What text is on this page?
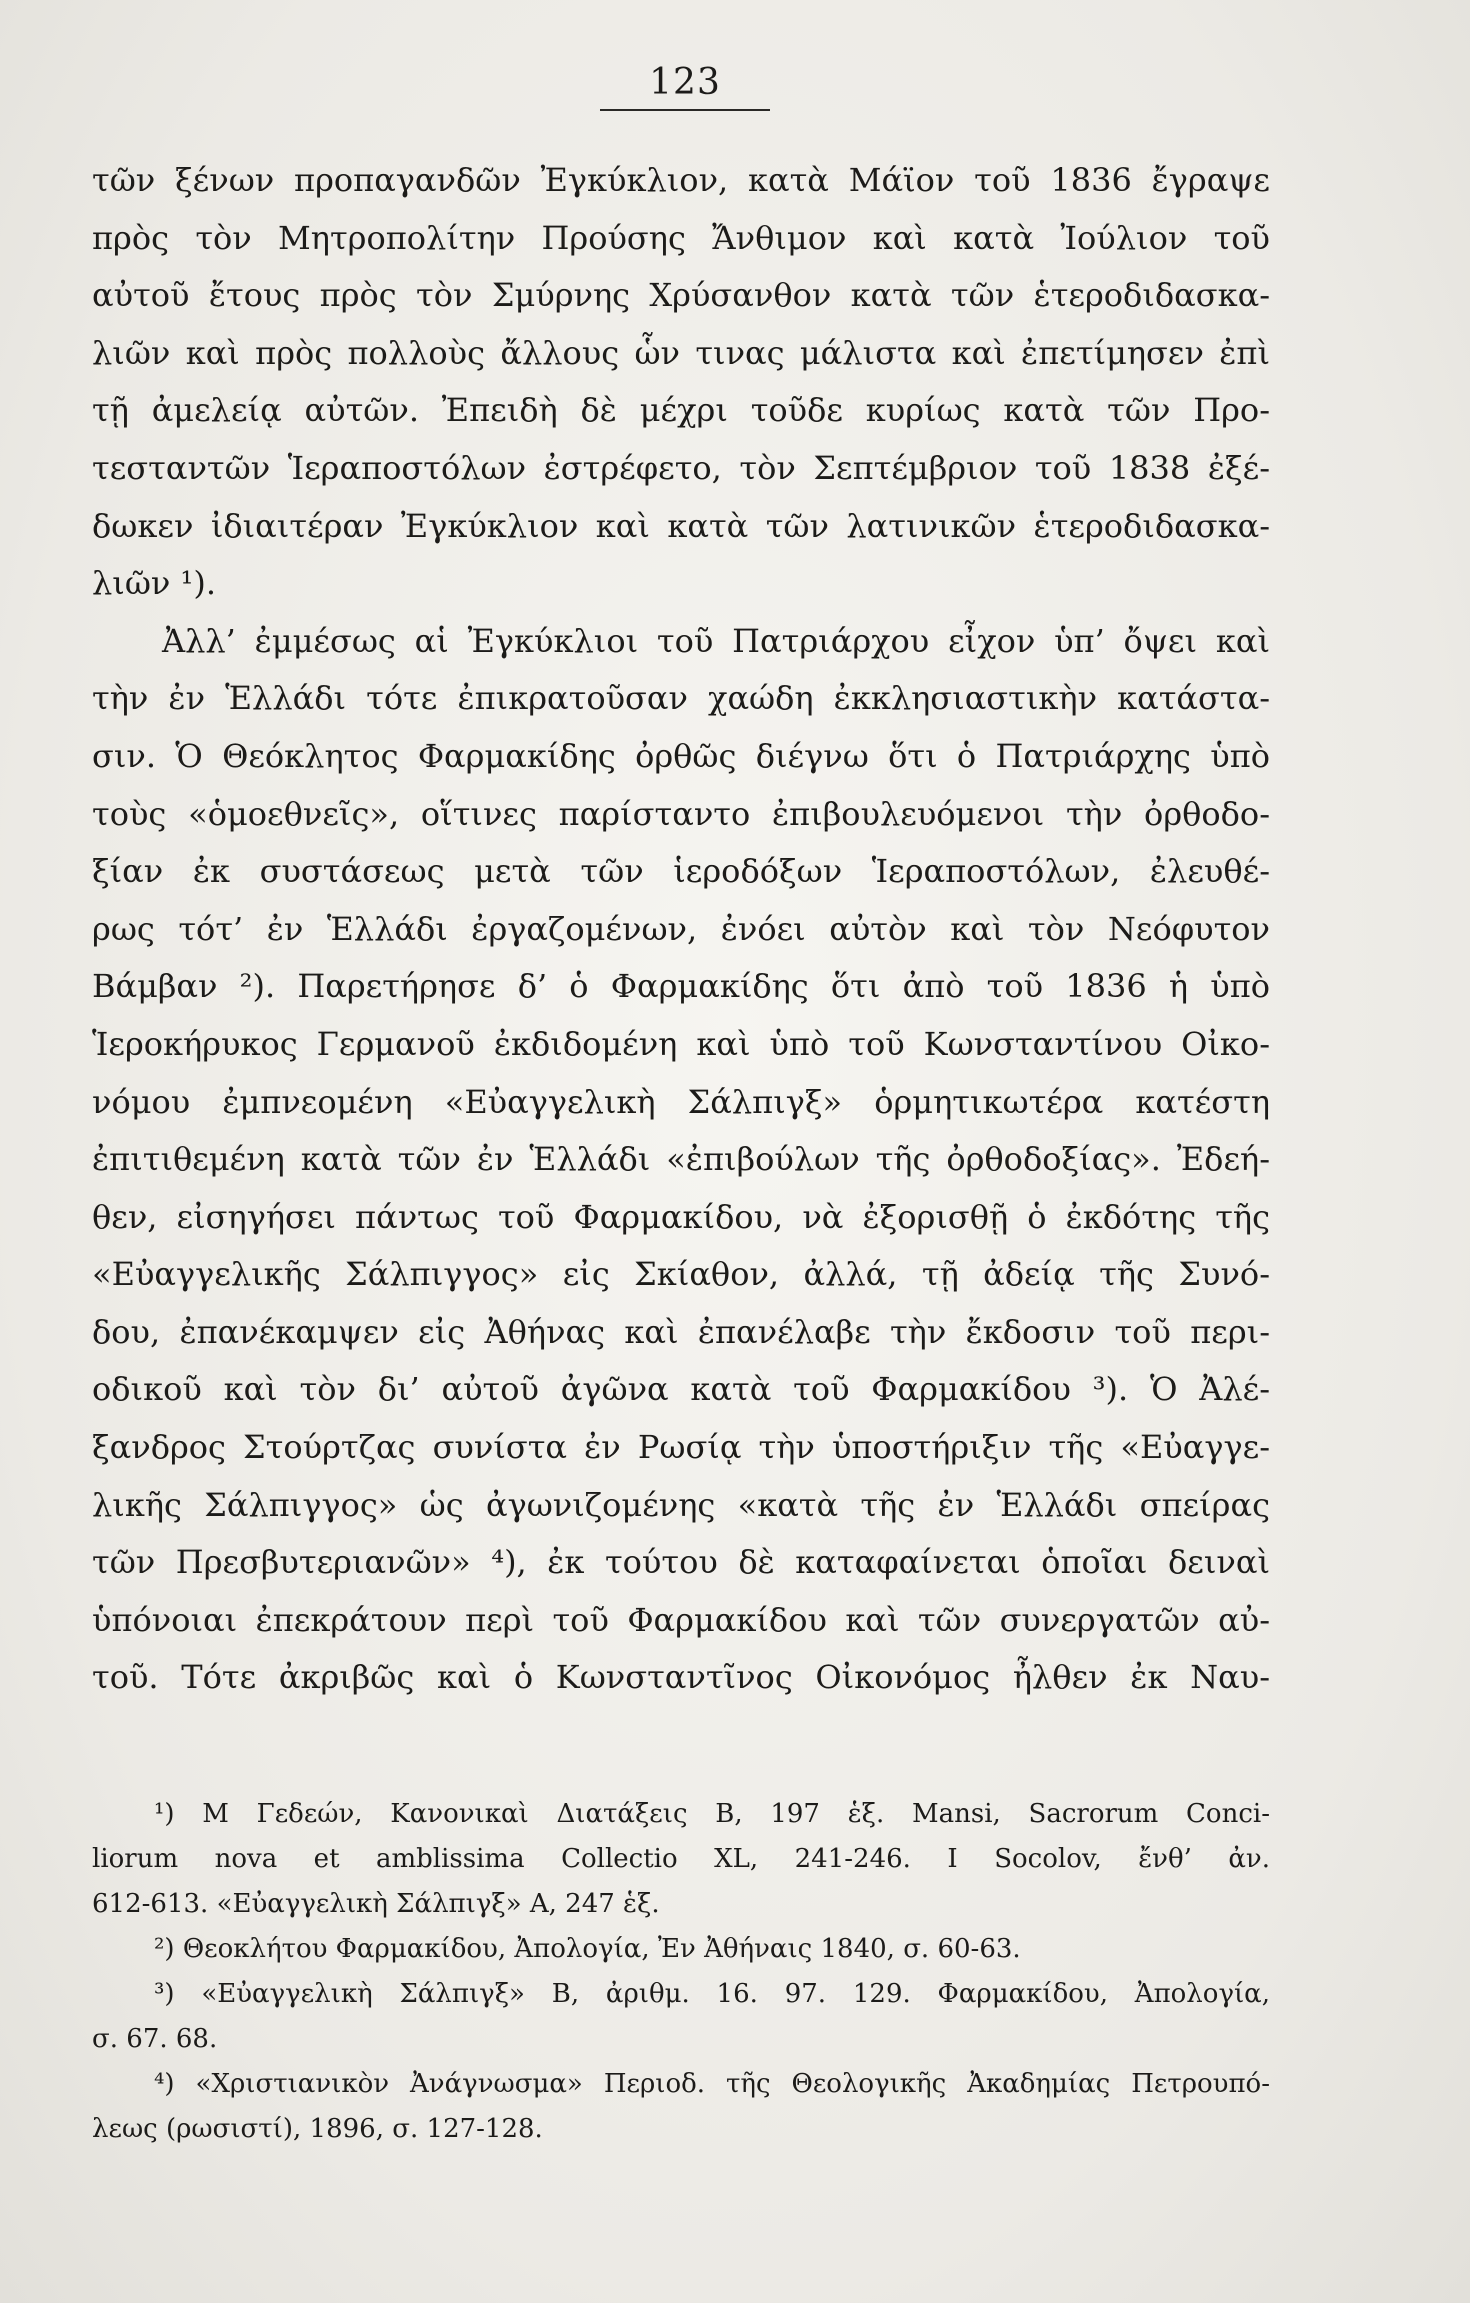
123
τῶν ξένων προπαγανδῶν Ἐγκύκλιον, κατὰ Μάϊον τοῦ 1836 ἔγραψε
πρὸς τὸν Μητροπολίτην Προύσης Ἄνθιμον καὶ κατὰ Ἰούλιον τοῦ
αὐτοῦ ἔτους πρὸς τὸν Σμύρνης Χρύσανθον κατὰ τῶν ἑτεροδιδασκα-
λιῶν καὶ πρὸς πολλοὺς ἄλλους ὧν τινας μάλιστα καὶ ἐπετίμησεν ἐπὶ
τῇ ἀμελείᾳ αὐτῶν. Ἐπειδὴ δὲ μέχρι τοῦδε κυρίως κατὰ τῶν Προ-
τεσταντῶν Ἱεραποστόλων ἐστρέφετο, τὸν Σεπτέμβριον τοῦ 1838 ἐξέ-
δωκεν ἰδιαιτέραν Ἐγκύκλιον καὶ κατὰ τῶν λατινικῶν ἑτεροδιδασκα-
λιῶν ¹).
Ἀλλ’ ἐμμέσως αἱ Ἐγκύκλιοι τοῦ Πατριάρχου εἶχον ὑπ’ ὄψει καὶ
τὴν ἐν Ἑλλάδι τότε ἐπικρατοῦσαν χαώδη ἐκκλησιαστικὴν κατάστα-
σιν. Ὁ Θεόκλητος Φαρμακίδης ὀρθῶς διέγνω ὅτι ὁ Πατριάρχης ὑπὸ
τοὺς «ὁμοεθνεῖς», οἵτινες παρίσταντο ἐπιβουλευόμενοι τὴν ὀρθοδο-
ξίαν ἐκ συστάσεως μετὰ τῶν ἱεροδόξων Ἱεραποστόλων, ἐλευθέ-
ρως τότ’ ἐν Ἑλλάδι ἐργαζομένων, ἐνόει αὐτὸν καὶ τὸν Νεόφυτον
Βάμβαν ²). Παρετήρησε δ’ ὁ Φαρμακίδης ὅτι ἀπὸ τοῦ 1836 ἡ ὑπὸ
Ἱεροκήρυκος Γερμανοῦ ἐκδιδομένη καὶ ὑπὸ τοῦ Κωνσταντίνου Οἰκο-
νόμου ἐμπνεομένη «Εὐαγγελικὴ Σάλπιγξ» ὁρμητικωτέρα κατέστη
ἐπιτιθεμένη κατὰ τῶν ἐν Ἑλλάδι «ἐπιβούλων τῆς ὀρθοδοξίας». Ἐδεή-
θεν, εἰσηγήσει πάντως τοῦ Φαρμακίδου, νὰ ἐξορισθῇ ὁ ἐκδότης τῆς
«Εὐαγγελικῆς Σάλπιγγος» εἰς Σκίαθον, ἀλλά, τῇ ἀδείᾳ τῆς Συνό-
δου, ἐπανέκαμψεν εἰς Ἀθήνας καὶ ἐπανέλαβε τὴν ἔκδοσιν τοῦ περι-
οδικοῦ καὶ τὸν δι’ αὐτοῦ ἀγῶνα κατὰ τοῦ Φαρμακίδου ³). Ὁ Ἀλέ-
ξανδρος Στούρτζας συνίστα ἐν Ρωσίᾳ τὴν ὑποστήριξιν τῆς «Εὐαγγε-
λικῆς Σάλπιγγος» ὡς ἀγωνιζομένης «κατὰ τῆς ἐν Ἑλλάδι σπείρας
τῶν Πρεσβυτεριανῶν» ⁴), ἐκ τούτου δὲ καταφαίνεται ὁποῖαι δειναὶ
ὑπόνοιαι ἐπεκράτουν περὶ τοῦ Φαρμακίδου καὶ τῶν συνεργατῶν αὐ-
τοῦ. Τότε ἀκριβῶς καὶ ὁ Κωνσταντῖνος Οἰκονόμος ἦλθεν ἐκ Ναυ-
¹) Μ Γεδεών, Κανονικαὶ Διατάξεις Β, 197 ἑξ. Mansi, Sacrorum Conci-
liorum nova et amblissima Collectio XL, 241-246. Ι Socolov, ἔνθ’ ἀν.
612-613. «Εὐαγγελικὴ Σάλπιγξ» Α, 247 ἑξ.
²) Θεοκλήτου Φαρμακίδου, Ἀπολογία, Ἐν Ἀθήναις 1840, σ. 60-63.
³) «Εὐαγγελικὴ Σάλπιγξ» Β, ἀριθμ. 16. 97. 129. Φαρμακίδου, Ἀπολογία,
σ. 67. 68.
⁴) «Χριστιανικὸν Ἀνάγνωσμα» Περιοδ. τῆς Θεολογικῆς Ἀκαδημίας Πετρουπό-
λεως (ρωσιστί), 1896, σ. 127-128.
